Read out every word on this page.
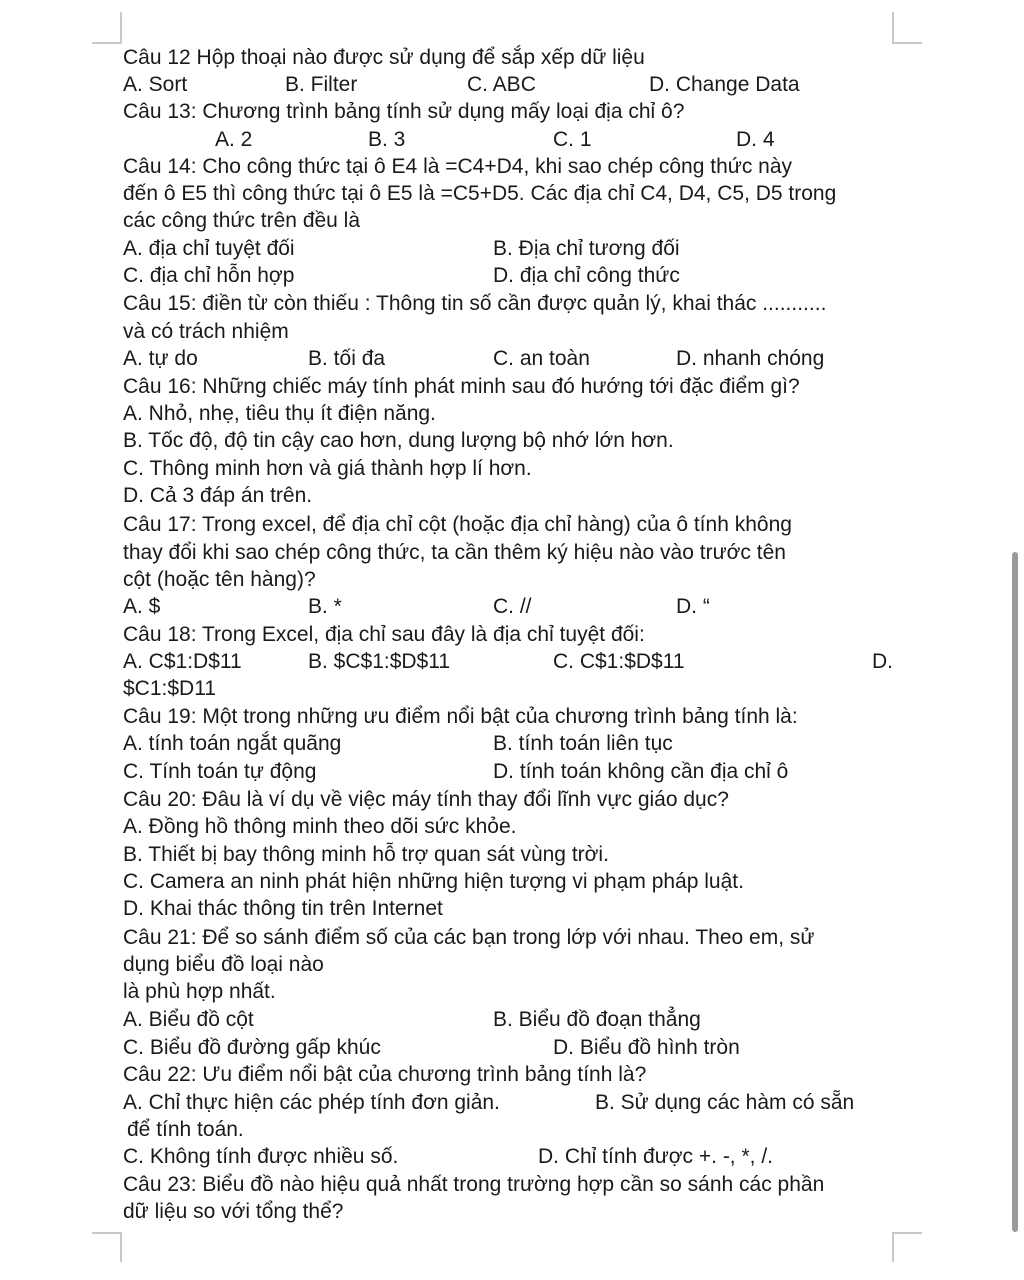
Câu 12 Hộp thoại nào được sử dụng để sắp xếp dữ liệu
A. Sort	B. Filter	C. ABC	D. Change Data
Câu 13: Chương trình bảng tính sử dụng mấy loại địa chỉ ô?
A. 2	B. 3	C. 1	D. 4
Câu 14: Cho công thức tại ô E4 là =C4+D4, khi sao chép công thức này
đến ô E5 thì công thức tại ô E5 là =C5+D5. Các địa chỉ C4, D4, C5, D5 trong
các công thức trên đều là
A. địa chỉ tuyệt đối	B. Địa chỉ tương đối
C. địa chỉ hỗn hợp	D. địa chỉ công thức
Câu 15: điền từ còn thiếu : Thông tin số cần được quản lý, khai thác ...........
và có trách nhiệm
A. tự do	B. tối đa	C. an toàn	D. nhanh chóng
Câu 16: Những chiếc máy tính phát minh sau đó hướng tới đặc điểm gì?
A. Nhỏ, nhẹ, tiêu thụ ít điện năng.
B. Tốc độ, độ tin cậy cao hơn, dung lượng bộ nhớ lớn hơn.
C. Thông minh hơn và giá thành hợp lí hơn.
D. Cả 3 đáp án trên.
Câu 17: Trong excel, để địa chỉ cột (hoặc địa chỉ hàng) của ô tính không
thay đổi khi sao chép công thức, ta cần thêm ký hiệu nào vào trước tên
cột (hoặc tên hàng)?
A. $	B. *	C. //	D. “
Câu 18: Trong Excel, địa chỉ sau đây là địa chỉ tuyệt đối:
A. C$1:D$11	B. $C$1:$D$11	C. C$1:$D$11	D.
$C1:$D11
Câu 19: Một trong những ưu điểm nổi bật của chương trình bảng tính là:
A. tính toán ngắt quãng	B. tính toán liên tục
C. Tính toán tự động	D. tính toán không cần địa chỉ ô
Câu 20: Đâu là ví dụ về việc máy tính thay đổi lĩnh vực giáo dục?
A. Đồng hồ thông minh theo dõi sức khỏe.
B. Thiết bị bay thông minh hỗ trợ quan sát vùng trời.
C. Camera an ninh phát hiện những hiện tượng vi phạm pháp luật.
D. Khai thác thông tin trên Internet
Câu 21: Để so sánh điểm số của các bạn trong lớp với nhau. Theo em, sử
dụng biểu đồ loại nào
là phù hợp nhất.
A. Biểu đồ cột	B. Biểu đồ đoạn thẳng
C. Biểu đồ đường gấp khúc	D. Biểu đồ hình tròn
Câu 22: Ưu điểm nổi bật của chương trình bảng tính là?
A. Chỉ thực hiện các phép tính đơn giản.	B. Sử dụng các hàm có sẵn
để tính toán.
C. Không tính được nhiều số.	D. Chỉ tính được +. -, *, /.
Câu 23: Biểu đồ nào hiệu quả nhất trong trường hợp cần so sánh các phần
dữ liệu so với tổng thể?
